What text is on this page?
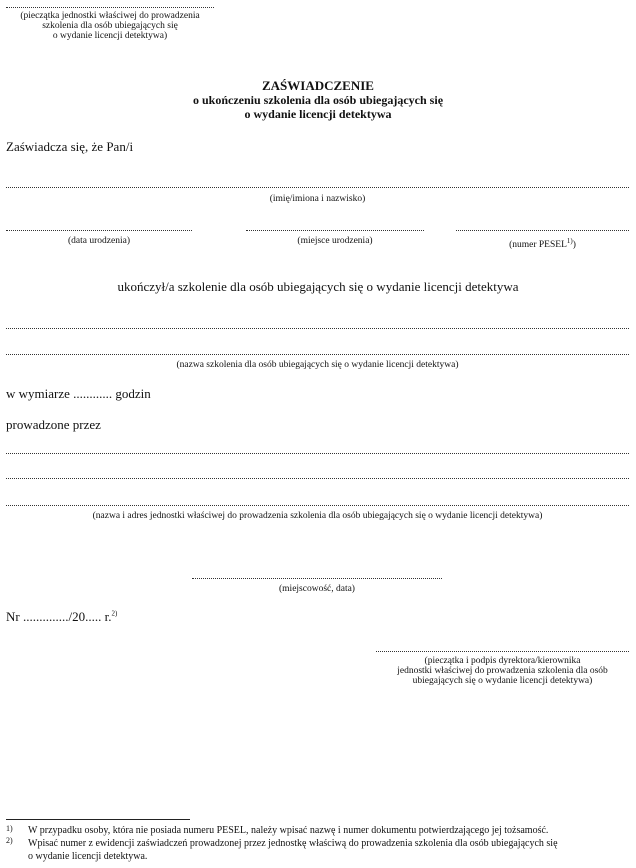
(pieczątka jednostki właściwej do prowadzenia
szkolenia dla osób ubiegających się
o wydanie licencji detektywa)
ZAŚWIADCZENIE
o ukończeniu szkolenia dla osób ubiegających się
o wydanie licencji detektywa
Zaświadcza się, że Pan/i
(imię/imiona i nazwisko)
(data urodzenia)	(miejsce urodzenia)	(numer PESEL$^{1)}$)
ukończył/a szkolenie dla osób ubiegających się o wydanie licencji detektywa
(nazwa szkolenia dla osób ubiegających się o wydanie licencji detektywa)
w wymiarze ............ godzin
prowadzone przez
(nazwa i adres jednostki właściwej do prowadzenia szkolenia dla osób ubiegających się o wydanie licencji detektywa)
(miejscowość, data)
Nr ............../20..... r.$^{2)}$
(pieczątka i podpis dyrektora/kierownika
jednostki właściwej do prowadzenia szkolenia dla osób
ubiegających się o wydanie licencji detektywa)
1) W przypadku osoby, która nie posiada numeru PESEL, należy wpisać nazwę i numer dokumentu potwierdzającego jej tożsamość.
2) Wpisać numer z ewidencji zaświadczeń prowadzonej przez jednostkę właściwą do prowadzenia szkolenia dla osób ubiegających się
o wydanie licencji detektywa.
